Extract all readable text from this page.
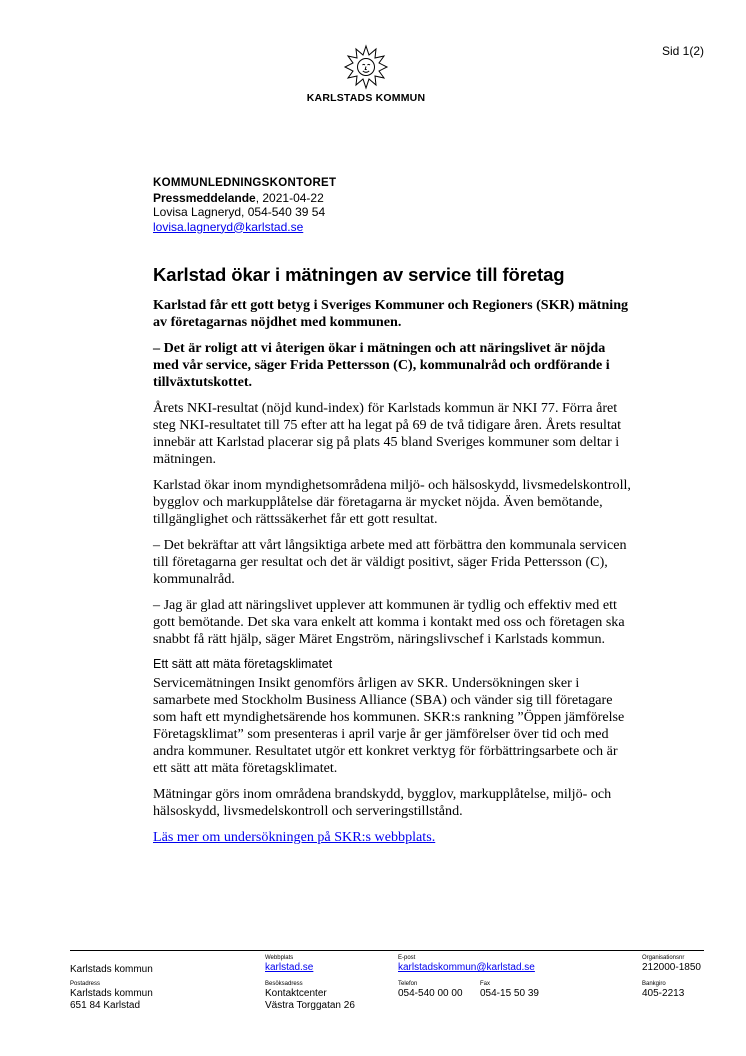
Sid 1(2)
KARLSTADS KOMMUN
KOMMUNLEDNINGSKONTORET
Pressmeddelande, 2021-04-22
Lovisa Lagneryd, 054-540 39 54
lovisa.lagneryd@karlstad.se
Karlstad ökar i mätningen av service till företag

Karlstad får ett gott betyg i Sveriges Kommuner och Regioners (SKR) mätning av företagarnas nöjdhet med kommunen.

– Det är roligt att vi återigen ökar i mätningen och att näringslivet är nöjda med vår service, säger Frida Pettersson (C), kommunalråd och ordförande i tillväxtutskottet.

Årets NKI-resultat (nöjd kund-index) för Karlstads kommun är NKI 77. Förra året steg NKI-resultatet till 75 efter att ha legat på 69 de två tidigare åren. Årets resultat innebär att Karlstad placerar sig på plats 45 bland Sveriges kommuner som deltar i mätningen.

Karlstad ökar inom myndighetsområdena miljö- och hälsoskydd, livsmedelskontroll, bygglov och markupplåtelse där företagarna är mycket nöjda. Även bemötande, tillgänglighet och rättssäkerhet får ett gott resultat.

– Det bekräftar att vårt långsiktiga arbete med att förbättra den kommunala servicen till företagarna ger resultat och det är väldigt positivt, säger Frida Pettersson (C), kommunalråd.

– Jag är glad att näringslivet upplever att kommunen är tydlig och effektiv med ett gott bemötande. Det ska vara enkelt att komma i kontakt med oss och företagen ska snabbt få rätt hjälp, säger Märet Engström, näringslivschef i Karlstads kommun.

Ett sätt att mäta företagsklimatet

Servicemätningen Insikt genomförs årligen av SKR. Undersökningen sker i samarbete med Stockholm Business Alliance (SBA) och vänder sig till företagare som haft ett myndighetsärende hos kommunen. SKR:s rankning ”Öppen jämförelse Företagsklimat” som presenteras i april varje år ger jämförelser över tid och med andra kommuner. Resultatet utgör ett konkret verktyg för förbättringsarbete och är ett sätt att mäta företagsklimatet.

Mätningar görs inom områdena brandskydd, bygglov, markupplåtelse, miljö- och hälsoskydd, livsmedelskontroll och serveringstillstånd.

Läs mer om undersökningen på SKR:s webbplats.

Karlstads kommun
Webbplats
karlstad.se
E-post
karlstadskommun@karlstad.se
Organisationsnr
212000-1850
Postadress
Karlstads kommun
651 84 Karlstad
Besöksadress
Kontaktcenter
Västra Torggatan 26
Telefon
054-540 00 00
Fax
054-15 50 39
Bankgiro
405-2213
